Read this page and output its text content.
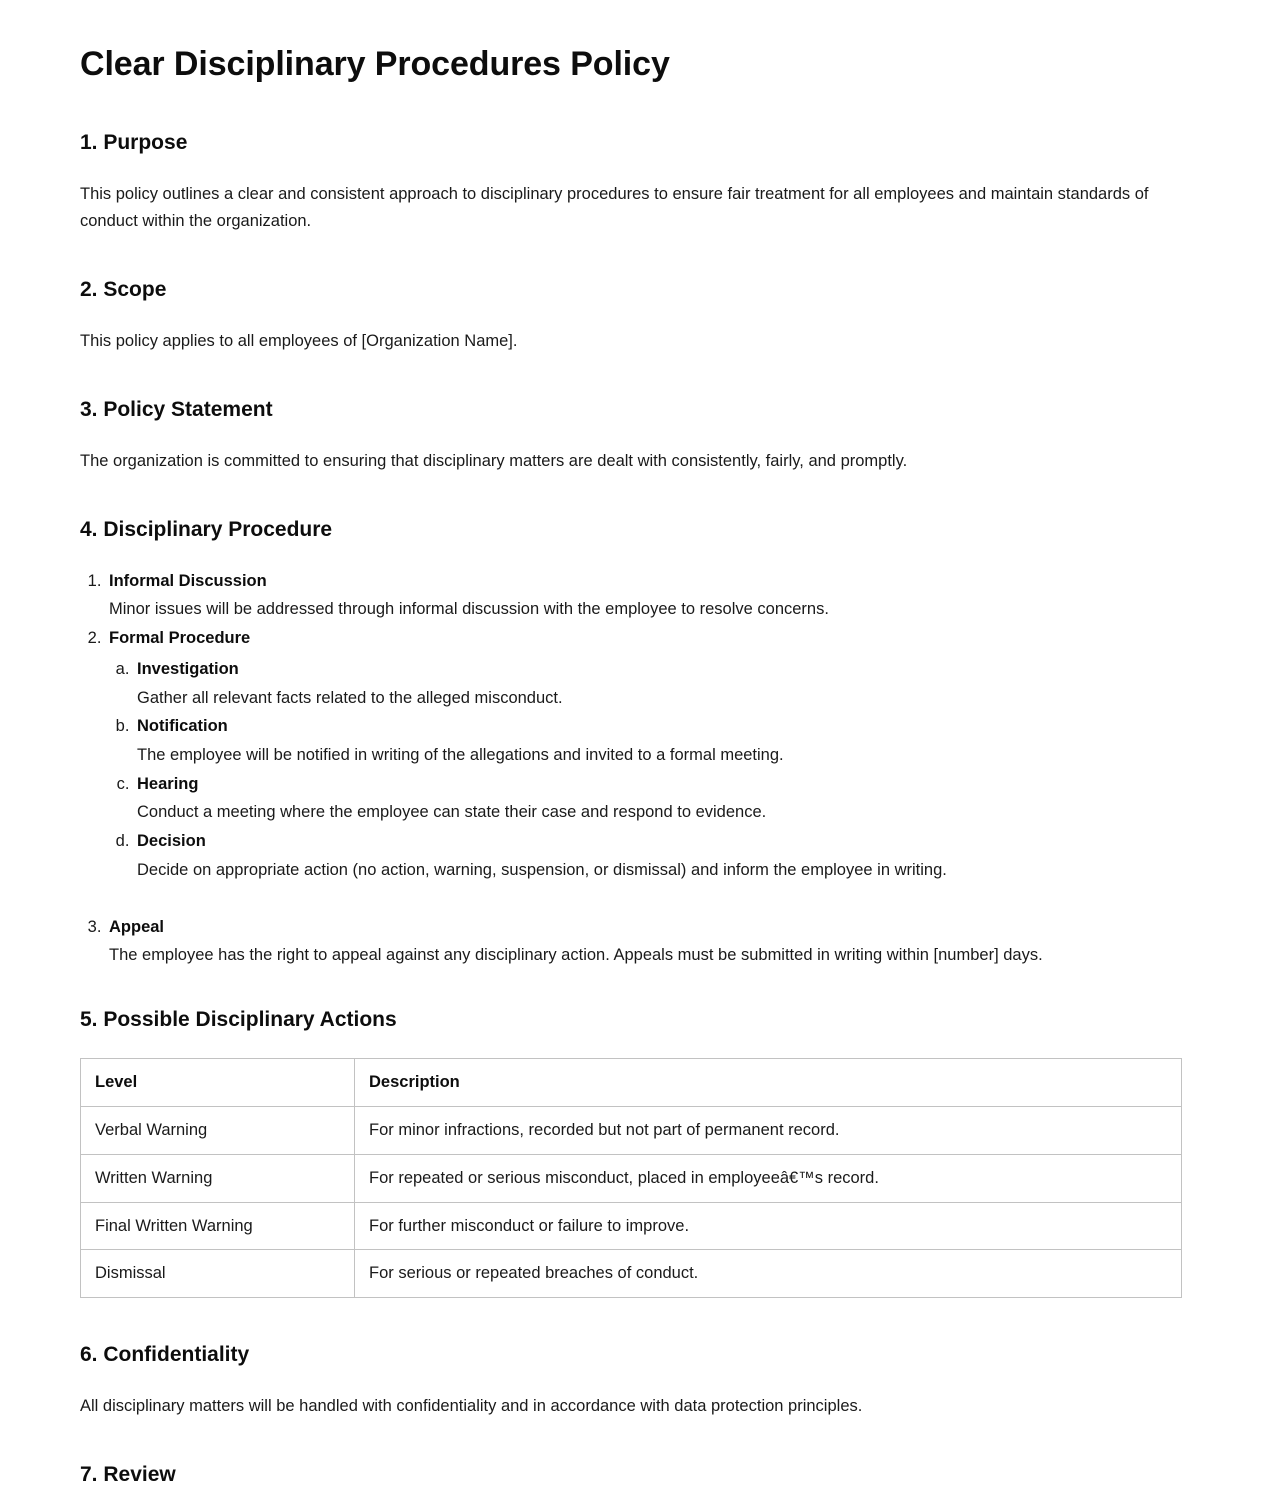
Clear Disciplinary Procedures Policy
1. Purpose

This policy outlines a clear and consistent approach to disciplinary procedures to ensure fair treatment for all employees and maintain standards of conduct within the organization.

2. Scope

This policy applies to all employees of [Organization Name].

3. Policy Statement

The organization is committed to ensuring that disciplinary matters are dealt with consistently, fairly, and promptly.

4. Disciplinary Procedure
1. Informal Discussion
Minor issues will be addressed through informal discussion with the employee to resolve concerns.
2. Formal Procedure
a. Investigation
Gather all relevant facts related to the alleged misconduct.
b. Notification
The employee will be notified in writing of the allegations and invited to a formal meeting.
c. Hearing
Conduct a meeting where the employee can state their case and respond to evidence.
d. Decision
Decide on appropriate action (no action, warning, suspension, or dismissal) and inform the employee in writing.
3. Appeal
The employee has the right to appeal against any disciplinary action. Appeals must be submitted in writing within [number] days.
5. Possible Disciplinary Actions
Level	Description
Verbal Warning	For minor infractions, recorded but not part of permanent record.
Written Warning	For repeated or serious misconduct, placed in employeeâ€™s record.
Final Written Warning	For further misconduct or failure to improve.
Dismissal	For serious or repeated breaches of conduct.
6. Confidentiality

All disciplinary matters will be handled with confidentiality and in accordance with data protection principles.

7. Review
